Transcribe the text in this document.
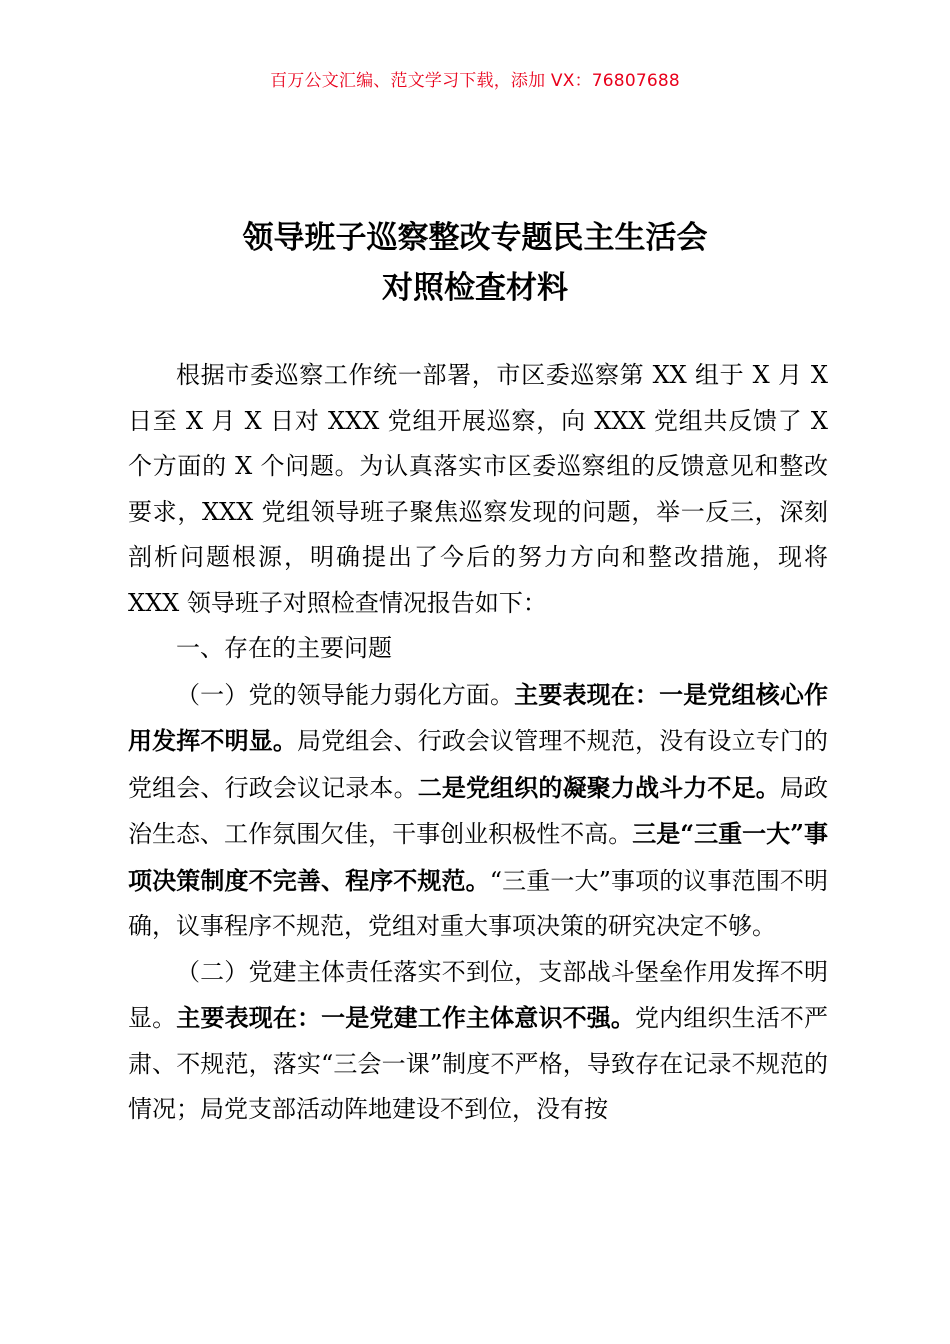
百万公文汇编、范文学习下载，添加 VX：76807688
领导班子巡察整改专题民主生活会
对照检查材料

根据市委巡察工作统一部署，市区委巡察第 XX 组于 X 月 X 日至 X 月 X 日对 XXX 党组开展巡察，向 XXX 党组共反馈了 X 个方面的 X 个问题。为认真落实市区委巡察组的反馈意见和整改要求，XXX 党组领导班子聚焦巡察发现的问题，举一反三，深刻剖析问题根源，明确提出了今后的努力方向和整改措施，现将 XXX 领导班子对照检查情况报告如下：

一、存在的主要问题

（一）党的领导能力弱化方面。主要表现在：一是党组核心作用发挥不明显。局党组会、行政会议管理不规范，没有设立专门的党组会、行政会议记录本。二是党组织的凝聚力战斗力不足。局政治生态、工作氛围欠佳，干事创业积极性不高。三是“三重一大”事项决策制度不完善、程序不规范。“三重一大”事项的议事范围不明确，议事程序不规范，党组对重大事项决策的研究决定不够。

（二）党建主体责任落实不到位，支部战斗堡垒作用发挥不明显。主要表现在：一是党建工作主体意识不强。党内组织生活不严肃、不规范，落实“三会一课”制度不严格，导致存在记录不规范的情况；局党支部活动阵地建设不到位，没有按
